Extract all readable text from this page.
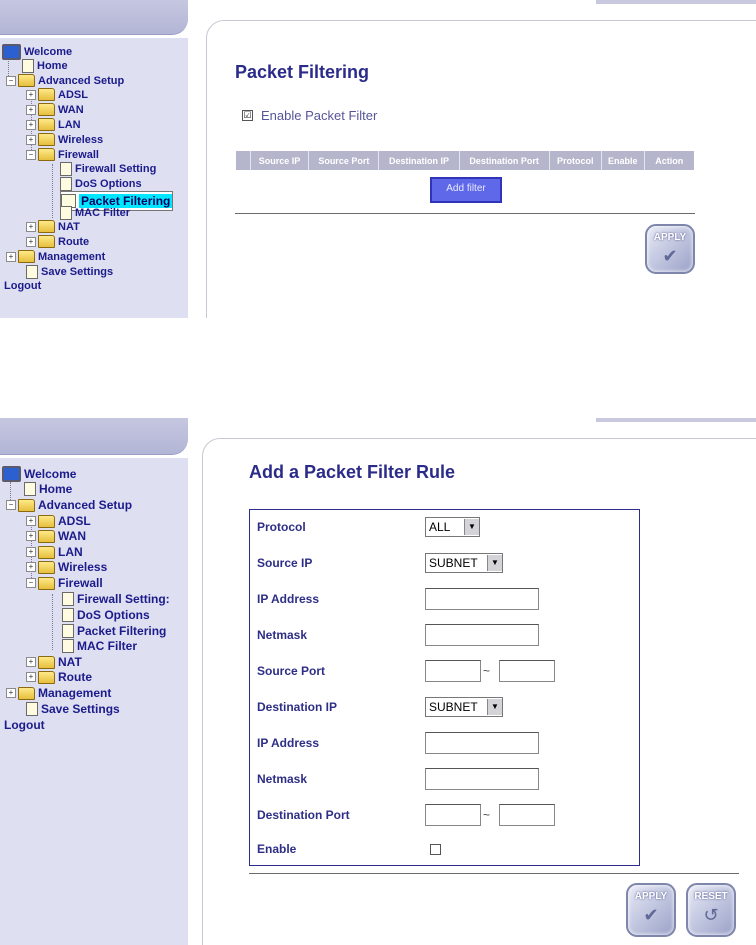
Welcome
Home
− Advanced Setup
+ ADSL
+ WAN
+ LAN
+ Wireless
− Firewall
Firewall Setting
DoS Options
Packet Filtering
MAC Filter
+ NAT
+ Route
+ Management
Save Settings
Logout
Packet Filtering
☑ Enable Packet Filter
Source IP	Source Port	Destination IP	Destination Port	Protocol	Enable	Action
Add filter
APPLY
✔
Welcome
Home
− Advanced Setup
+ ADSL
+ WAN
+ LAN
+ Wireless
− Firewall
Firewall Setting:
DoS Options
Packet Filtering
MAC Filter
+ NAT
+ Route
+ Management
Save Settings
Logout
Add a Packet Filter Rule
Protocol	ALL	▼
Source IP	SUBNET	▼
IP Address
Netmask
Source Port	~
Destination IP	SUBNET	▼
IP Address
Netmask
Destination Port	~
Enable
APPLY
✔
RESET
↺
